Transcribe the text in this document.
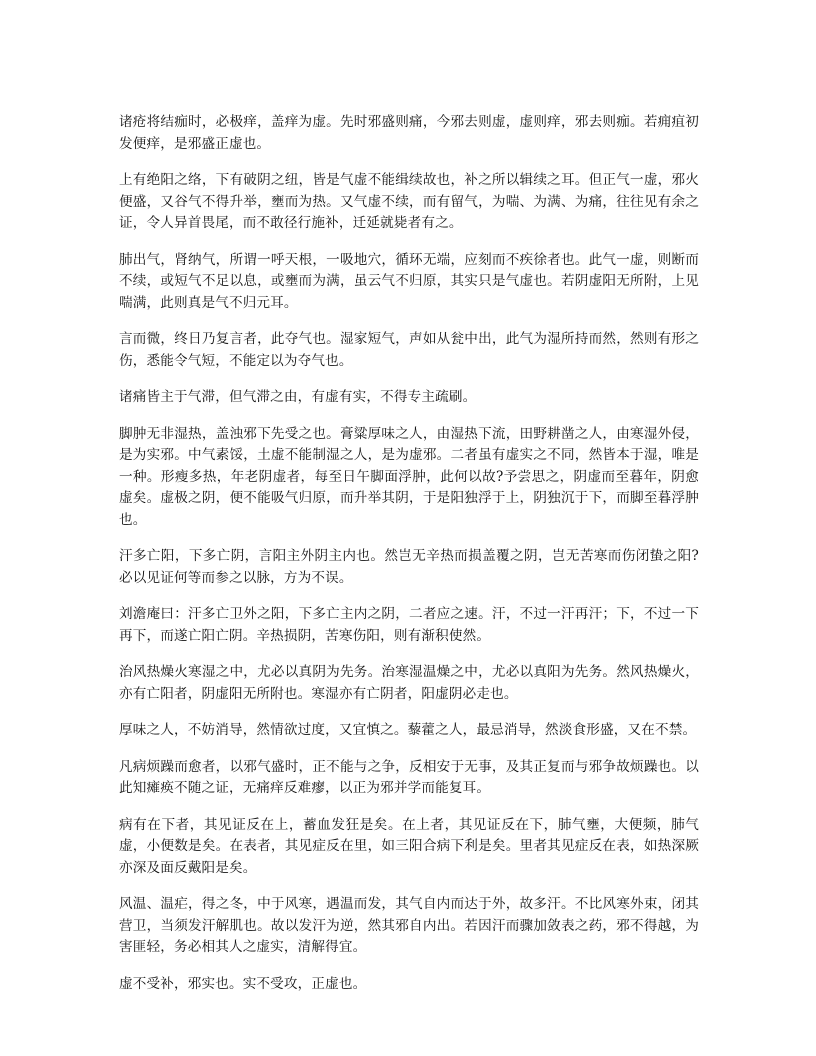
诸疮将结痂时，必极痒，盖痒为虚。先时邪盛则痛，今邪去则虚，虚则痒，邪去则痂。若痈疽初发便痒，是邪盛正虚也。

上有绝阳之络，下有破阴之纽，皆是气虚不能缉续故也，补之所以辑续之耳。但正气一虚，邪火便盛，又谷气不得升举，壅而为热。又气虚不续，而有留气，为喘、为满、为痛，往往见有余之证，令人异首畏尾，而不敢径行施补，迁延就毙者有之。

肺出气，肾纳气，所谓一呼天根，一吸地穴，循环无端，应刻而不疾徐者也。此气一虚，则断而不续，或短气不足以息，或壅而为满，虽云气不归原，其实只是气虚也。若阴虚阳无所附，上见喘满，此则真是气不归元耳。

言而微，终日乃复言者，此夺气也。湿家短气，声如从瓮中出，此气为湿所持而然，然则有形之伤，悉能令气短，不能定以为夺气也。

诸痛皆主于气滞，但气滞之由，有虚有实，不得专主疏刷。

脚肿无非湿热，盖浊邪下先受之也。膏粱厚味之人，由湿热下流，田野耕凿之人，由寒湿外侵，是为实邪。中气素馁，土虚不能制湿之人，是为虚邪。二者虽有虚实之不同，然皆本于湿，唯是一种。形瘦多热，年老阴虚者，每至日午脚面浮肿，此何以故?予尝思之，阴虚而至暮年，阴愈虚矣。虚极之阴，便不能吸气归原，而升举其阴，于是阳独浮于上，阴独沉于下，而脚至暮浮肿也。

汗多亡阳，下多亡阴，言阳主外阴主内也。然岂无辛热而损盖覆之阴，岂无苦寒而伤闭蛰之阳?必以见证何等而参之以脉，方为不误。

刘澹庵曰：汗多亡卫外之阳，下多亡主内之阴，二者应之速。汗，不过一汗再汗；下，不过一下再下，而遂亡阳亡阴。辛热损阴，苦寒伤阳，则有渐积使然。

治风热燥火寒湿之中，尤必以真阴为先务。治寒湿温燥之中，尤必以真阳为先务。然风热燥火，亦有亡阳者，阴虚阳无所附也。寒湿亦有亡阴者，阳虚阴必走也。

厚味之人，不妨消导，然情欲过度，又宜慎之。藜藿之人，最忌消导，然淡食形盛，又在不禁。

凡病烦躁而愈者，以邪气盛时，正不能与之争，反相安于无事，及其正复而与邪争故烦躁也。以此知瘫痪不随之证，无痛痒反难瘳，以正为邪并学而能复耳。

病有在下者，其见证反在上，蓄血发狂是矣。在上者，其见证反在下，肺气壅，大便频，肺气虚，小便数是矣。在表者，其见症反在里，如三阳合病下利是矣。里者其见症反在表，如热深厥亦深及面反戴阳是矣。

风温、温疟，得之冬，中于风寒，遇温而发，其气自内而达于外，故多汗。不比风寒外束，闭其营卫，当须发汗解肌也。故以发汗为逆，然其邪自内出。若因汗而骤加敛表之药，邪不得越，为害匪轻，务必相其人之虚实，清解得宜。

虚不受补，邪实也。实不受攻，正虚也。
